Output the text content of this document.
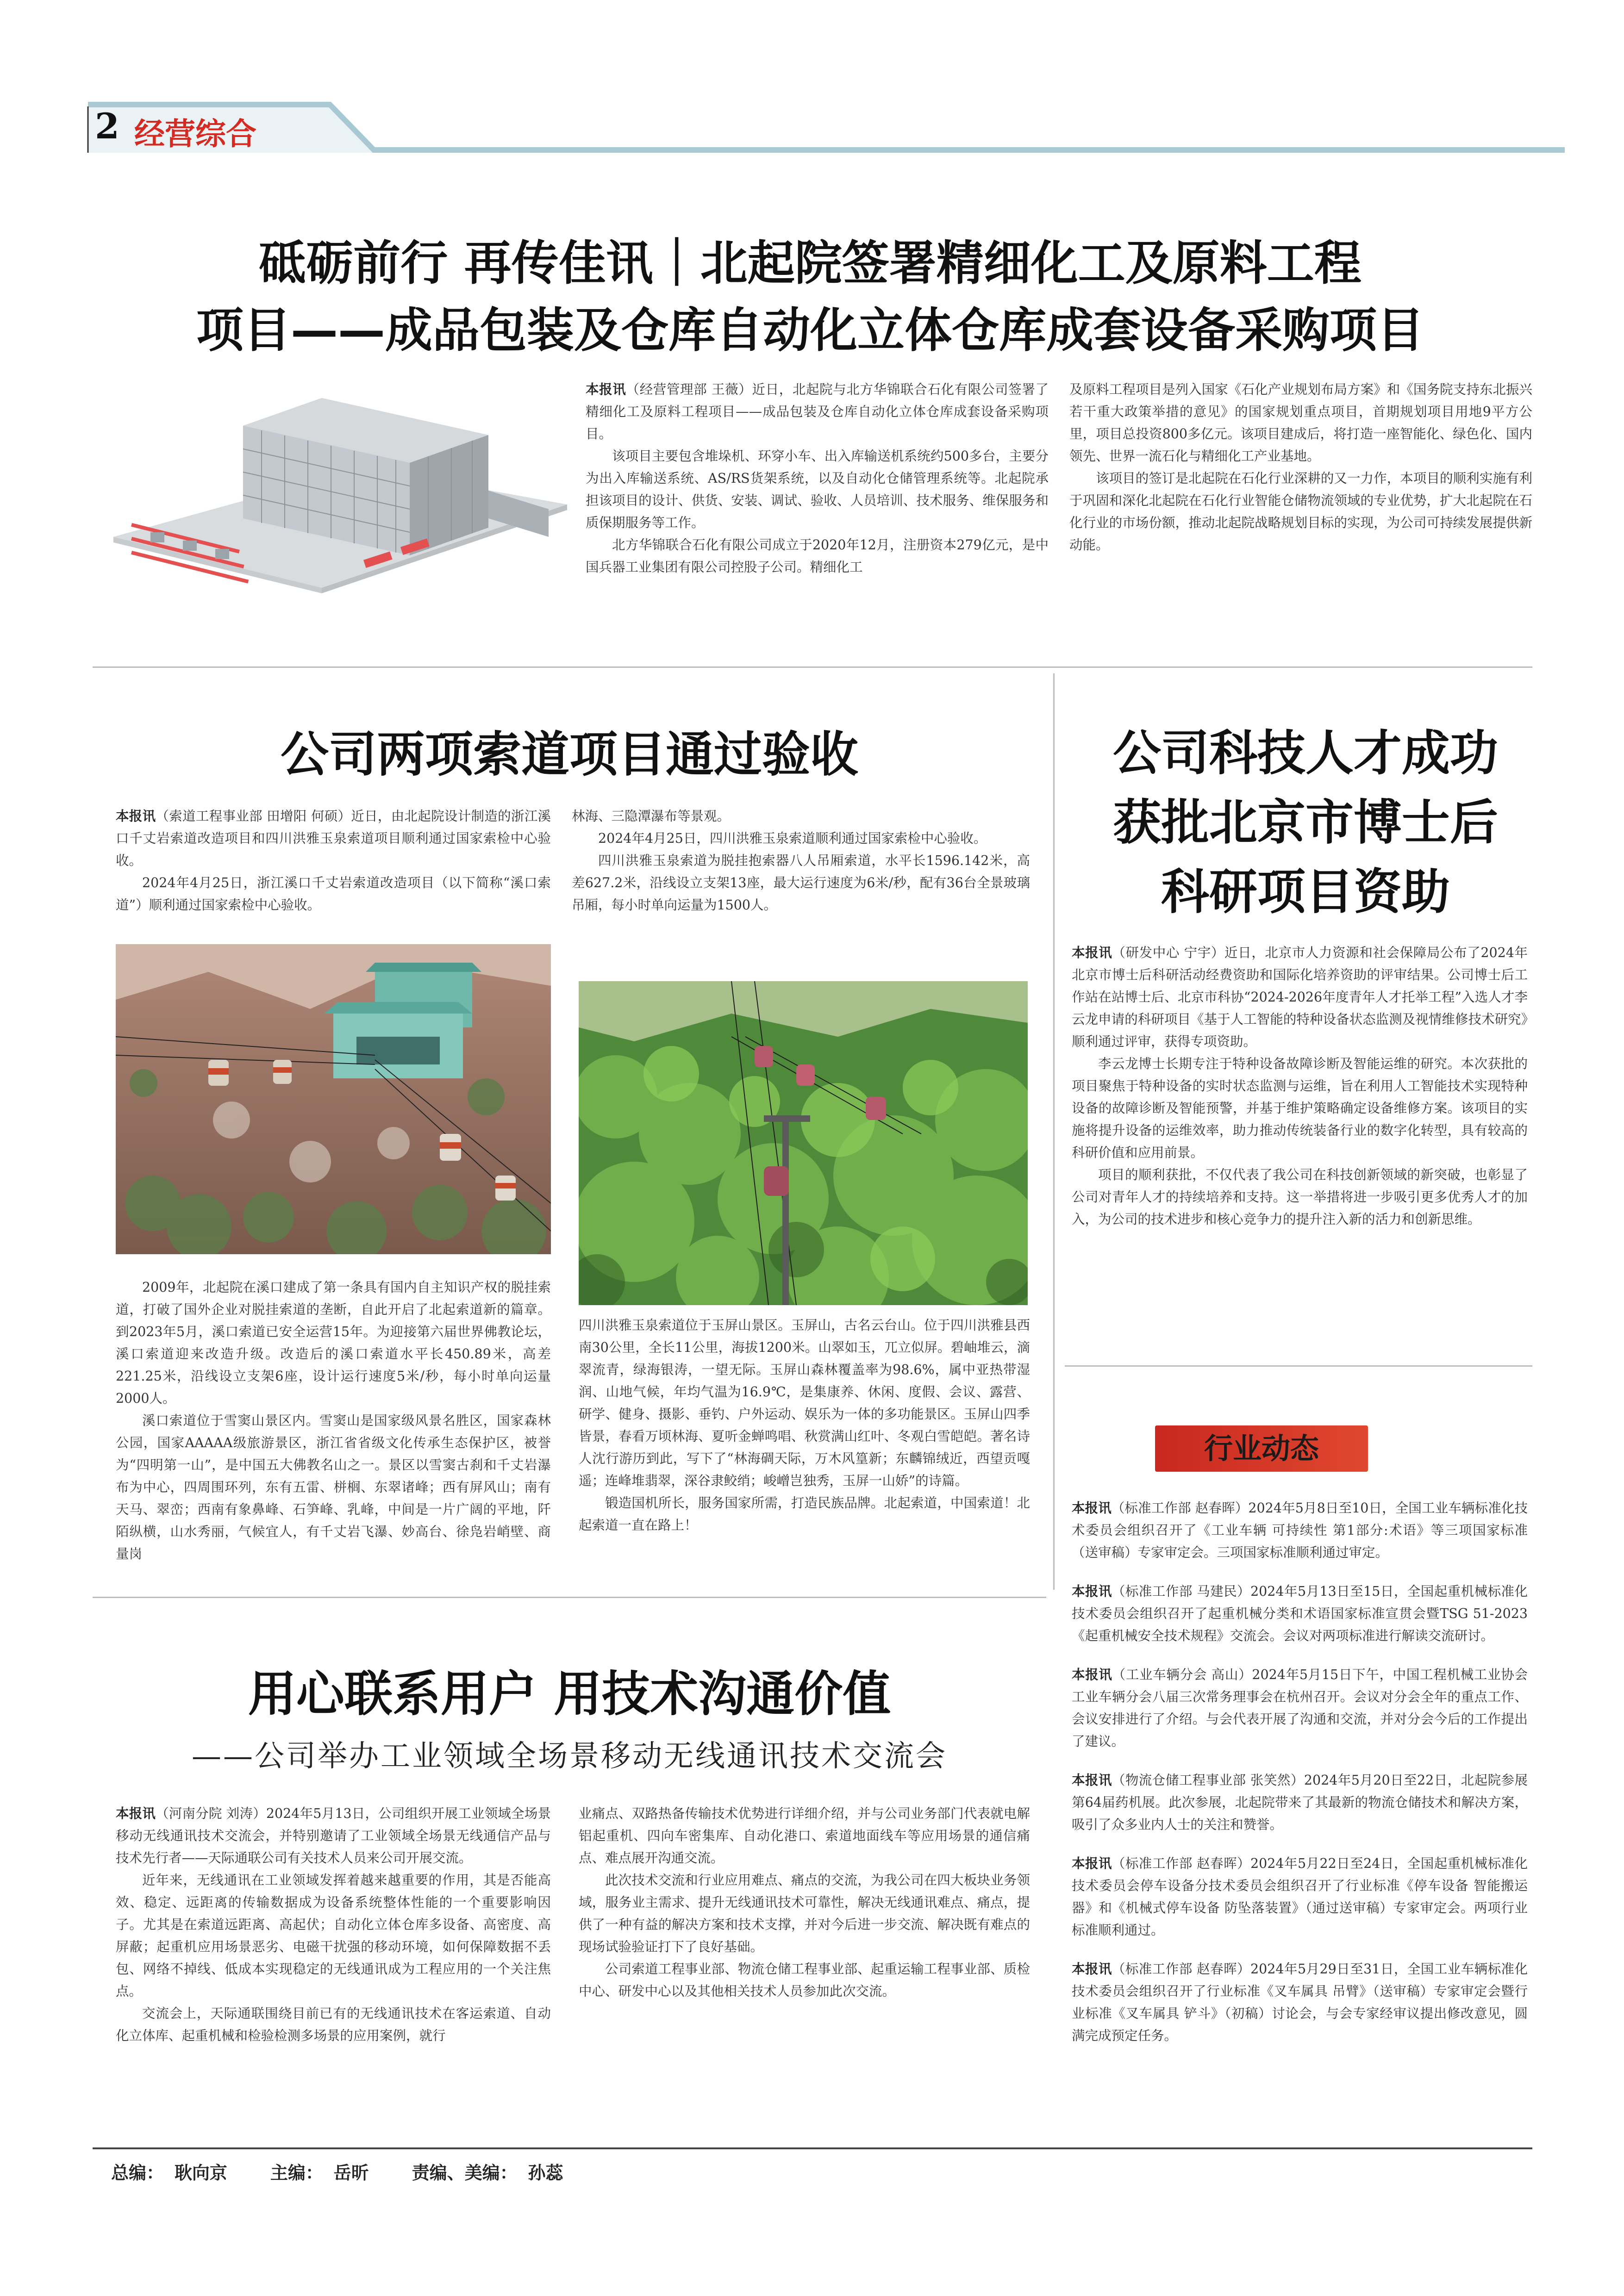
2 经营综合
砥砺前行 再传佳讯｜北起院签署精细化工及原料工程
项目——成品包装及仓库自动化立体仓库成套设备采购项目

本报讯（经营管理部 王薇）近日，北起院与北方华锦联合石化有限公司签署了精细化工及原料工程项目——成品包装及仓库自动化立体仓库成套设备采购项目。

该项目主要包含堆垛机、环穿小车、出入库输送机系统约500多台，主要分为出入库输送系统、AS/RS货架系统，以及自动化仓储管理系统等。北起院承担该项目的设计、供货、安装、调试、验收、人员培训、技术服务、维保服务和质保期服务等工作。

北方华锦联合石化有限公司成立于2020年12月，注册资本279亿元，是中国兵器工业集团有限公司控股子公司。精细化工

及原料工程项目是列入国家《石化产业规划布局方案》和《国务院支持东北振兴若干重大政策举措的意见》的国家规划重点项目，首期规划项目用地9平方公里，项目总投资800多亿元。该项目建成后，将打造一座智能化、绿色化、国内领先、世界一流石化与精细化工产业基地。

该项目的签订是北起院在石化行业深耕的又一力作，本项目的顺利实施有利于巩固和深化北起院在石化行业智能仓储物流领域的专业优势，扩大北起院在石化行业的市场份额，推动北起院战略规划目标的实现，为公司可持续发展提供新动能。

公司两项索道项目通过验收

本报讯（索道工程事业部 田增阳 何硕）近日，由北起院设计制造的浙江溪口千丈岩索道改造项目和四川洪雅玉泉索道项目顺利通过国家索检中心验收。

2024年4月25日，浙江溪口千丈岩索道改造项目（以下简称“溪口索道”）顺利通过国家索检中心验收。

林海、三隐潭瀑布等景观。

2024年4月25日，四川洪雅玉泉索道顺利通过国家索检中心验收。

四川洪雅玉泉索道为脱挂抱索器八人吊厢索道，水平长1596.142米，高差627.2米，沿线设立支架13座，最大运行速度为6米/秒，配有36台全景玻璃吊厢，每小时单向运量为1500人。

2009年，北起院在溪口建成了第一条具有国内自主知识产权的脱挂索道，打破了国外企业对脱挂索道的垄断，自此开启了北起索道新的篇章。到2023年5月，溪口索道已安全运营15年。为迎接第六届世界佛教论坛，溪口索道迎来改造升级。改造后的溪口索道水平长450.89米，高差221.25米，沿线设立支架6座，设计运行速度5米/秒，每小时单向运量2000人。

溪口索道位于雪窦山景区内。雪窦山是国家级风景名胜区，国家森林公园，国家AAAAA级旅游景区，浙江省省级文化传承生态保护区，被誉为“四明第一山”，是中国五大佛教名山之一。景区以雪窦古刹和千丈岩瀑布为中心，四周围环列，东有五雷、栟榈、东翠诸峰；西有屏风山；南有天马、翠峦；西南有象鼻峰、石笋峰、乳峰，中间是一片广阔的平地，阡陌纵横，山水秀丽，气候宜人，有千丈岩飞瀑、妙高台、徐凫岩峭壁、商量岗

四川洪雅玉泉索道位于玉屏山景区。玉屏山，古名云台山。位于四川洪雅县西南30公里，全长11公里，海拔1200米。山翠如玉，兀立似屏。碧岫堆云，滴翠流青，绿海银涛，一望无际。玉屏山森林覆盖率为98.6%，属中亚热带湿润、山地气候，年均气温为16.9℃，是集康养、休闲、度假、会议、露营、研学、健身、摄影、垂钓、户外运动、娱乐为一体的多功能景区。玉屏山四季皆景，春看万顷林海、夏听金蝉鸣唱、秋赏满山红叶、冬观白雪皑皑。著名诗人沈行游历到此，写下了“林海碉天际，万木风篁新；东麟锦绒近，西望贡嘎遥；连峰堆翡翠，深谷隶鲛绡；峻嶒岂独秀，玉屏一山娇”的诗篇。

锻造国机所长，服务国家所需，打造民族品牌。北起索道，中国索道！北起索道一直在路上！

公司科技人才成功
获批北京市博士后
科研项目资助

本报讯（研发中心 宁宇）近日，北京市人力资源和社会保障局公布了2024年北京市博士后科研活动经费资助和国际化培养资助的评审结果。公司博士后工作站在站博士后、北京市科协“2024-2026年度青年人才托举工程”入选人才李云龙申请的科研项目《基于人工智能的特种设备状态监测及视情维修技术研究》顺利通过评审，获得专项资助。

李云龙博士长期专注于特种设备故障诊断及智能运维的研究。本次获批的项目聚焦于特种设备的实时状态监测与运维，旨在利用人工智能技术实现特种设备的故障诊断及智能预警，并基于维护策略确定设备维修方案。该项目的实施将提升设备的运维效率，助力推动传统装备行业的数字化转型，具有较高的科研价值和应用前景。

项目的顺利获批，不仅代表了我公司在科技创新领域的新突破，也彰显了公司对青年人才的持续培养和支持。这一举措将进一步吸引更多优秀人才的加入，为公司的技术进步和核心竞争力的提升注入新的活力和创新思维。

行业动态

本报讯（标准工作部 赵春晖）2024年5月8日至10日，全国工业车辆标准化技术委员会组织召开了《工业车辆 可持续性 第1部分:术语》等三项国家标准（送审稿）专家审定会。三项国家标准顺利通过审定。

本报讯（标准工作部 马建民）2024年5月13日至15日，全国起重机械标准化技术委员会组织召开了起重机械分类和术语国家标准宣贯会暨TSG 51-2023《起重机械安全技术规程》交流会。会议对两项标准进行解读交流研讨。

本报讯（工业车辆分会 高山）2024年5月15日下午，中国工程机械工业协会工业车辆分会八届三次常务理事会在杭州召开。会议对分会全年的重点工作、会议安排进行了介绍。与会代表开展了沟通和交流，并对分会今后的工作提出了建议。

本报讯（物流仓储工程事业部 张笑然）2024年5月20日至22日，北起院参展第64届药机展。此次参展，北起院带来了其最新的物流仓储技术和解决方案，吸引了众多业内人士的关注和赞誉。

本报讯（标准工作部 赵春晖）2024年5月22日至24日，全国起重机械标准化技术委员会停车设备分技术委员会组织召开了行业标准《停车设备 智能搬运器》和《机械式停车设备 防坠落装置》（通过送审稿）专家审定会。两项行业标准顺利通过。

本报讯（标准工作部 赵春晖）2024年5月29日至31日，全国工业车辆标准化技术委员会组织召开了行业标准《叉车属具 吊臂》（送审稿）专家审定会暨行业标准《叉车属具 铲斗》（初稿）讨论会，与会专家经审议提出修改意见，圆满完成预定任务。

用心联系用户 用技术沟通价值
——公司举办工业领域全场景移动无线通讯技术交流会

本报讯（河南分院 刘涛）2024年5月13日，公司组织开展工业领域全场景移动无线通讯技术交流会，并特别邀请了工业领域全场景无线通信产品与技术先行者——天际通联公司有关技术人员来公司开展交流。

近年来，无线通讯在工业领域发挥着越来越重要的作用，其是否能高效、稳定、远距离的传输数据成为设备系统整体性能的一个重要影响因子。尤其是在索道远距离、高起伏；自动化立体仓库多设备、高密度、高屏蔽；起重机应用场景恶劣、电磁干扰强的移动环境，如何保障数据不丢包、网络不掉线、低成本实现稳定的无线通讯成为工程应用的一个关注焦点。

交流会上，天际通联围绕目前已有的无线通讯技术在客运索道、自动化立体库、起重机械和检验检测多场景的应用案例，就行

业痛点、双路热备传输技术优势进行详细介绍，并与公司业务部门代表就电解铝起重机、四向车密集库、自动化港口、索道地面线车等应用场景的通信痛点、难点展开沟通交流。

此次技术交流和行业应用难点、痛点的交流，为我公司在四大板块业务领域，服务业主需求、提升无线通讯技术可靠性，解决无线通讯难点、痛点，提供了一种有益的解决方案和技术支撑，并对今后进一步交流、解决既有难点的现场试验验证打下了良好基础。

公司索道工程事业部、物流仓储工程事业部、起重运输工程事业部、质检中心、研发中心以及其他相关技术人员参加此次交流。

总编： 耿向京 主编： 岳昕 责编、美编： 孙蕊
